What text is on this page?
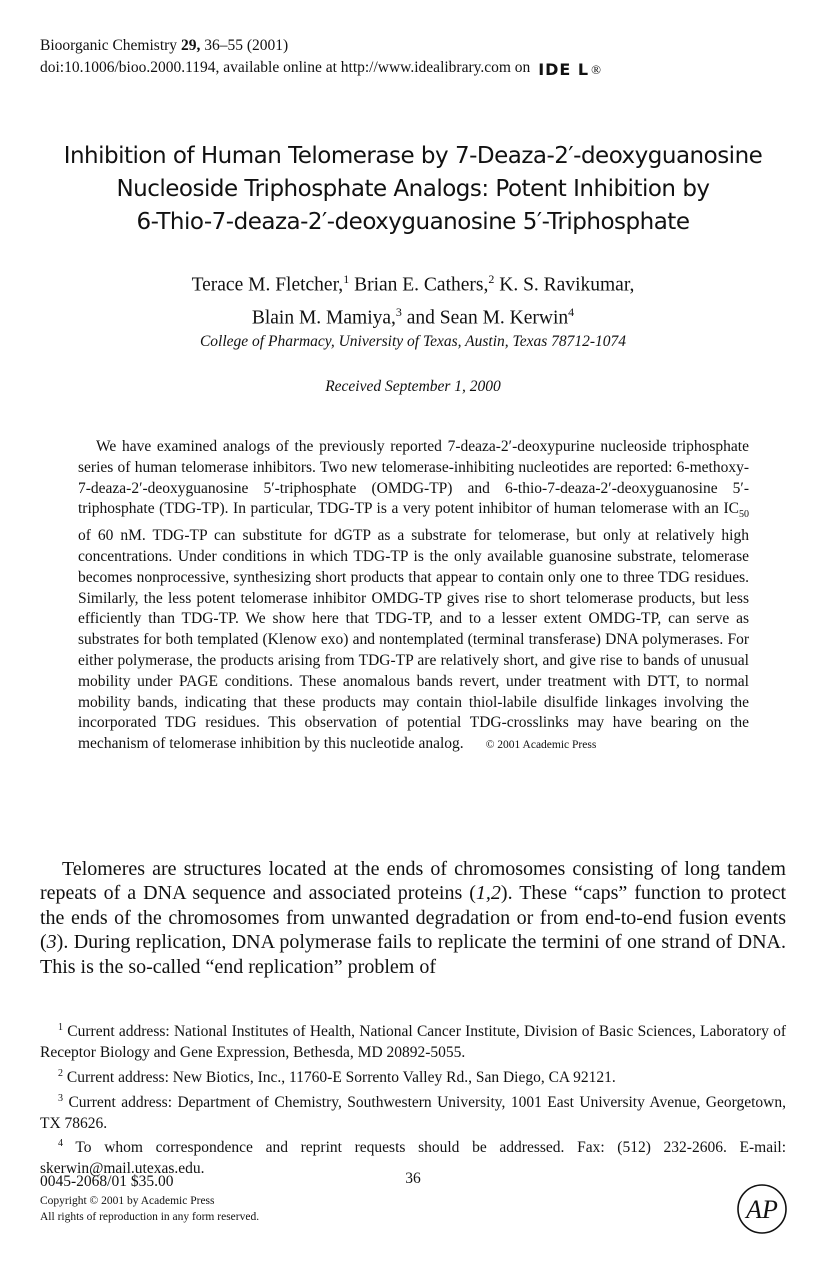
Bioorganic Chemistry 29, 36–55 (2001)
doi:10.1006/bioo.2000.1194, available online at http://www.idealibrary.com on IDE L ®
Inhibition of Human Telomerase by 7-Deaza-2′-deoxyguanosine
Nucleoside Triphosphate Analogs: Potent Inhibition by
6-Thio-7-deaza-2′-deoxyguanosine 5′-Triphosphate
Terace M. Fletcher,$^1$ Brian E. Cathers,$^2$ K. S. Ravikumar,
Blain M. Mamiya,$^3$ and Sean M. Kerwin$^4$
College of Pharmacy, University of Texas, Austin, Texas 78712-1074
Received September 1, 2000
We have examined analogs of the previously reported 7-deaza-2′-deoxypurine nucleoside triphosphate series of human telomerase inhibitors. Two new telomerase-inhibiting nucleotides are reported: 6-methoxy-7-deaza-2′-deoxyguanosine 5′-triphosphate (OMDG-TP) and 6-thio-7-deaza-2′-deoxyguanosine 5′-triphosphate (TDG-TP). In particular, TDG-TP is a very potent inhibitor of human telomerase with an $IC_{50}$ of 60 nM. TDG-TP can substitute for dGTP as a substrate for telomerase, but only at relatively high concentrations. Under conditions in which TDG-TP is the only available guanosine substrate, telomerase becomes nonprocessive, synthesizing short products that appear to contain only one to three TDG residues. Similarly, the less potent telomerase inhibitor OMDG-TP gives rise to short telomerase products, but less efficiently than TDG-TP. We show here that TDG-TP, and to a lesser extent OMDG-TP, can serve as substrates for both templated (Klenow exo) and nontemplated (terminal transferase) DNA polymerases. For either polymerase, the products arising from TDG-TP are relatively short, and give rise to bands of unusual mobility under PAGE conditions. These anomalous bands revert, under treatment with DTT, to normal mobility bands, indicating that these products may contain thiol-labile disulfide linkages involving the incorporated TDG residues. This observation of potential TDG-crosslinks may have bearing on the mechanism of telomerase inhibition by this nucleotide analog. © 2001 Academic Press
Telomeres are structures located at the ends of chromosomes consisting of long tandem repeats of a DNA sequence and associated proteins (1,2). These “caps” function to protect the ends of the chromosomes from unwanted degradation or from end-to-end fusion events (3). During replication, DNA polymerase fails to replicate the termini of one strand of DNA. This is the so-called “end replication” problem of

$^1$ Current address: National Institutes of Health, National Cancer Institute, Division of Basic Sciences, Laboratory of Receptor Biology and Gene Expression, Bethesda, MD 20892-5055.

$^2$ Current address: New Biotics, Inc., 11760-E Sorrento Valley Rd., San Diego, CA 92121.

$^3$ Current address: Department of Chemistry, Southwestern University, 1001 East University Avenue, Georgetown, TX 78626.

$^4$ To whom correspondence and reprint requests should be addressed. Fax: (512) 232-2606. E-mail: skerwin@mail.utexas.edu.

36
0045-2068/01 $35.00
Copyright © 2001 by Academic Press
All rights of reproduction in any form reserved.	AP
